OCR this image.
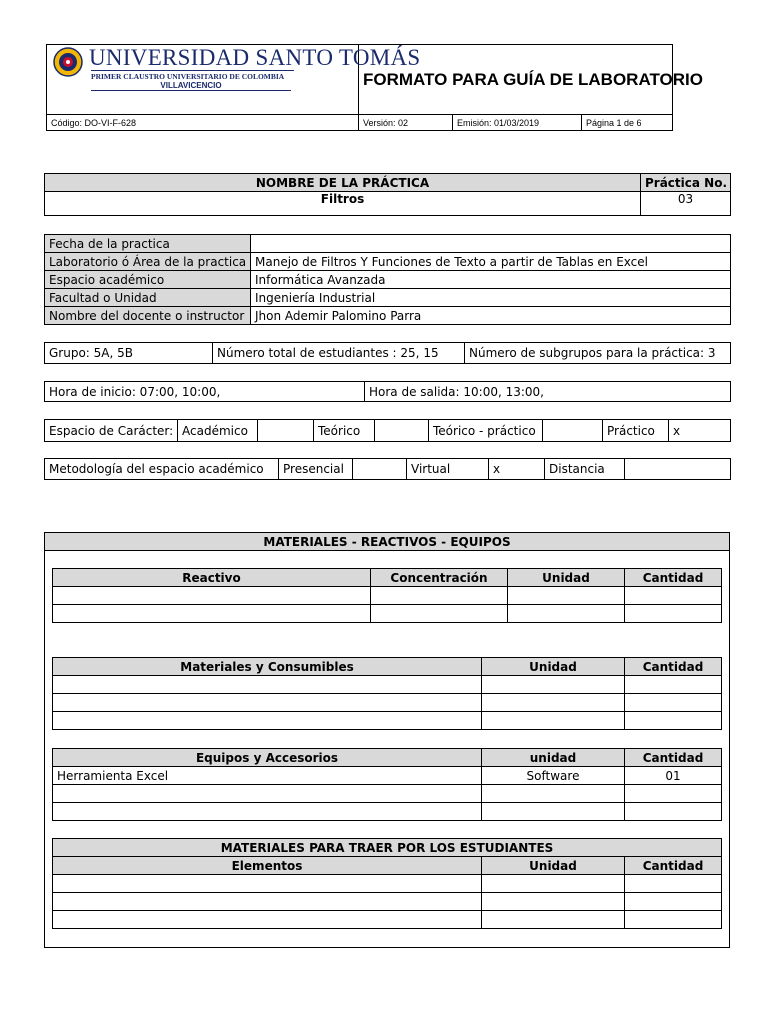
UNIVERSIDAD SANTO TOMÁS
PRIMER CLAUSTRO UNIVERSITARIO DE COLOMBIA
VILLAVICENCIO	FORMATO PARA GUÍA DE LABORATORIO		
Código: DO-VI-F-628	Versión: 02	Emisión: 01/03/2019	Página 1 de 6
NOMBRE DE LA PRÁCTICA	Práctica No.
Filtros	03
Fecha de la practica	
Laboratorio ó Área de la practica	Manejo de Filtros Y Funciones de Texto a partir de Tablas en Excel
Espacio académico	Informática Avanzada
Facultad o Unidad	Ingeniería Industrial
Nombre del docente o instructor	Jhon Ademir Palomino Parra
Grupo: 5A, 5B	Número total de estudiantes : 25, 15	Número de subgrupos para la práctica: 3
Hora de inicio: 07:00, 10:00,	Hora de salida: 10:00, 13:00,
Espacio de Carácter:	Académico		Teórico		Teórico - práctico		Práctico	x
Metodología del espacio académico	Presencial		Virtual	x	Distancia	
MATERIALES - REACTIVOS - EQUIPOS
Reactivo	Concentración	Unidad	Cantidad

Materiales y Consumibles	Unidad	Cantidad

Equipos y Accesorios	unidad	Cantidad
Herramienta Excel	Software	01

MATERIALES PARA TRAER POR LOS ESTUDIANTES		
Elementos	Unidad	Cantidad
